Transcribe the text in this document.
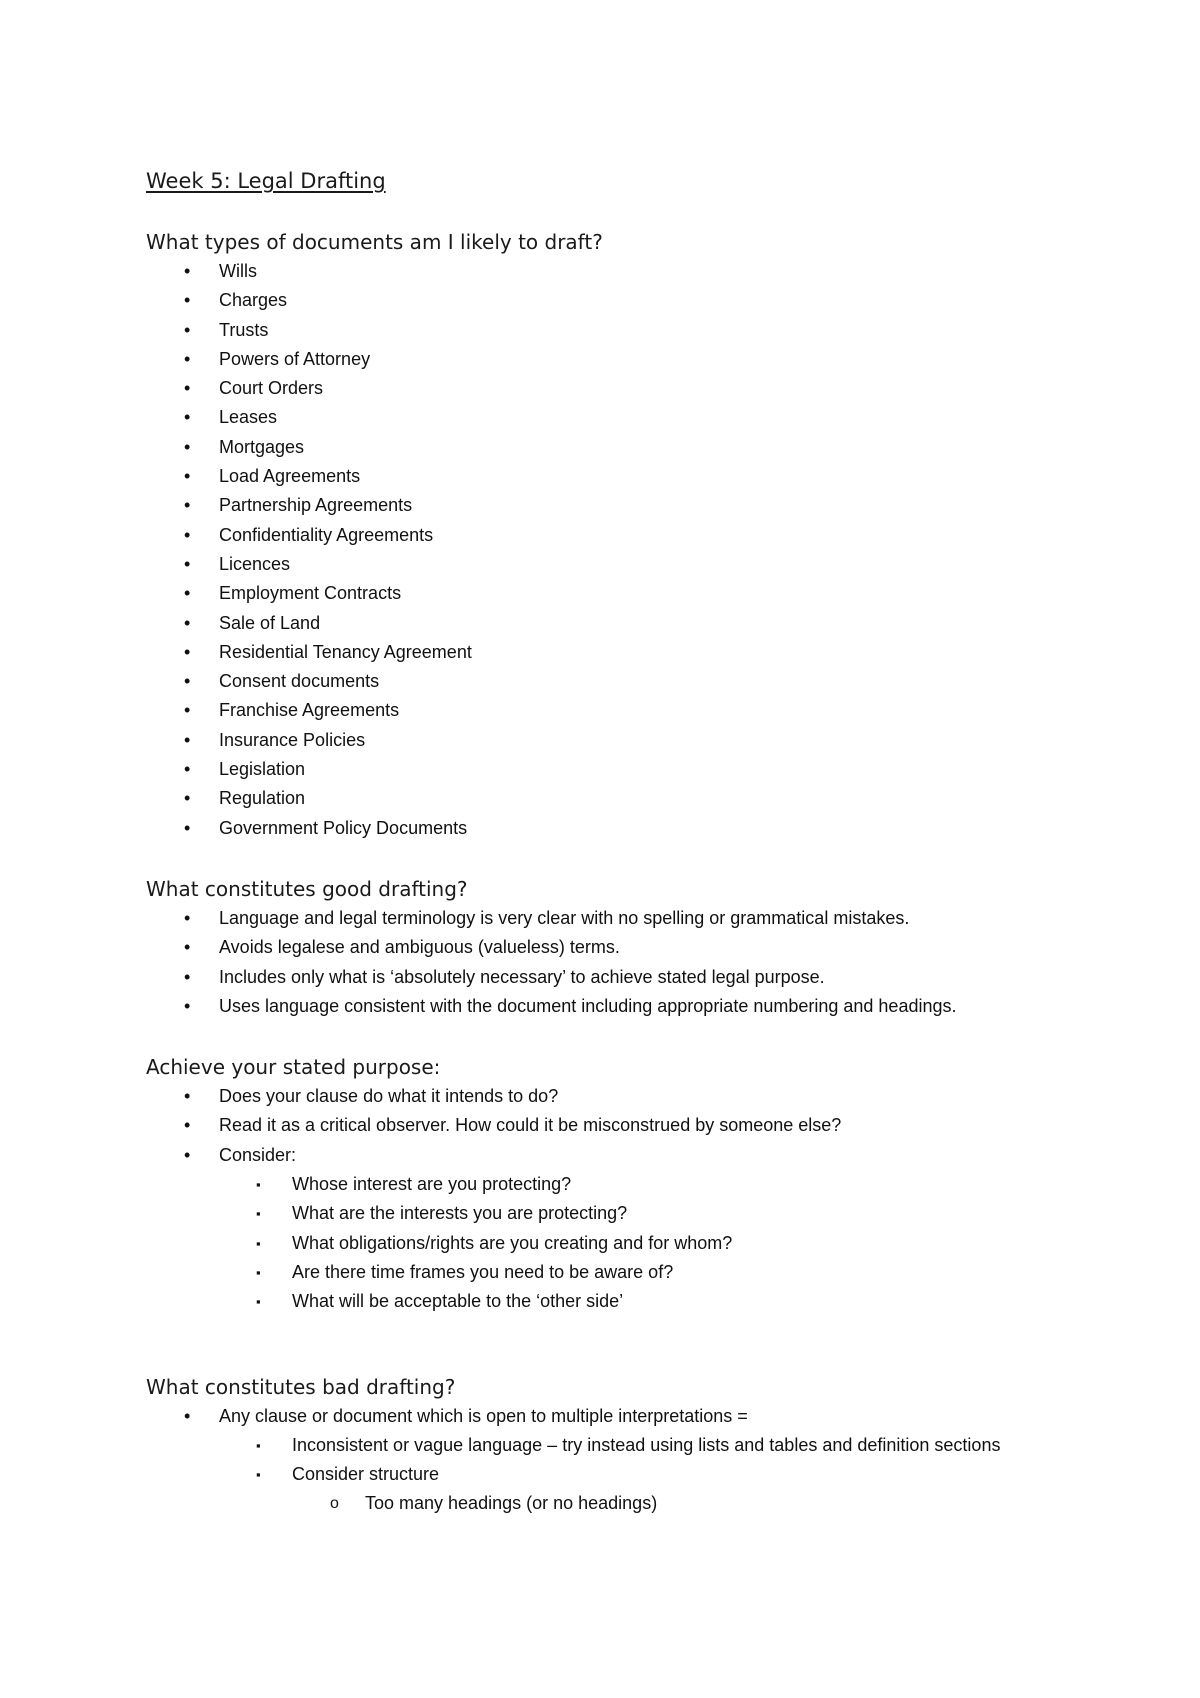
Week 5: Legal Drafting
What types of documents am I likely to draft?
• Wills
• Charges
• Trusts
• Powers of Attorney
• Court Orders
• Leases
• Mortgages
• Load Agreements
• Partnership Agreements
• Confidentiality Agreements
• Licences
• Employment Contracts
• Sale of Land
• Residential Tenancy Agreement
• Consent documents
• Franchise Agreements
• Insurance Policies
• Legislation
• Regulation
• Government Policy Documents
What constitutes good drafting?
• Language and legal terminology is very clear with no spelling or grammatical mistakes.
• Avoids legalese and ambiguous (valueless) terms.
• Includes only what is ‘absolutely necessary’ to achieve stated legal purpose.
• Uses language consistent with the document including appropriate numbering and headings.
Achieve your stated purpose:
• Does your clause do what it intends to do?
• Read it as a critical observer. How could it be misconstrued by someone else?
• Consider:
▪ Whose interest are you protecting?
▪ What are the interests you are protecting?
▪ What obligations/rights are you creating and for whom?
▪ Are there time frames you need to be aware of?
▪ What will be acceptable to the ‘other side’
What constitutes bad drafting?
• Any clause or document which is open to multiple interpretations =
▪ Inconsistent or vague language – try instead using lists and tables and definition sections
▪ Consider structure
o Too many headings (or no headings)
